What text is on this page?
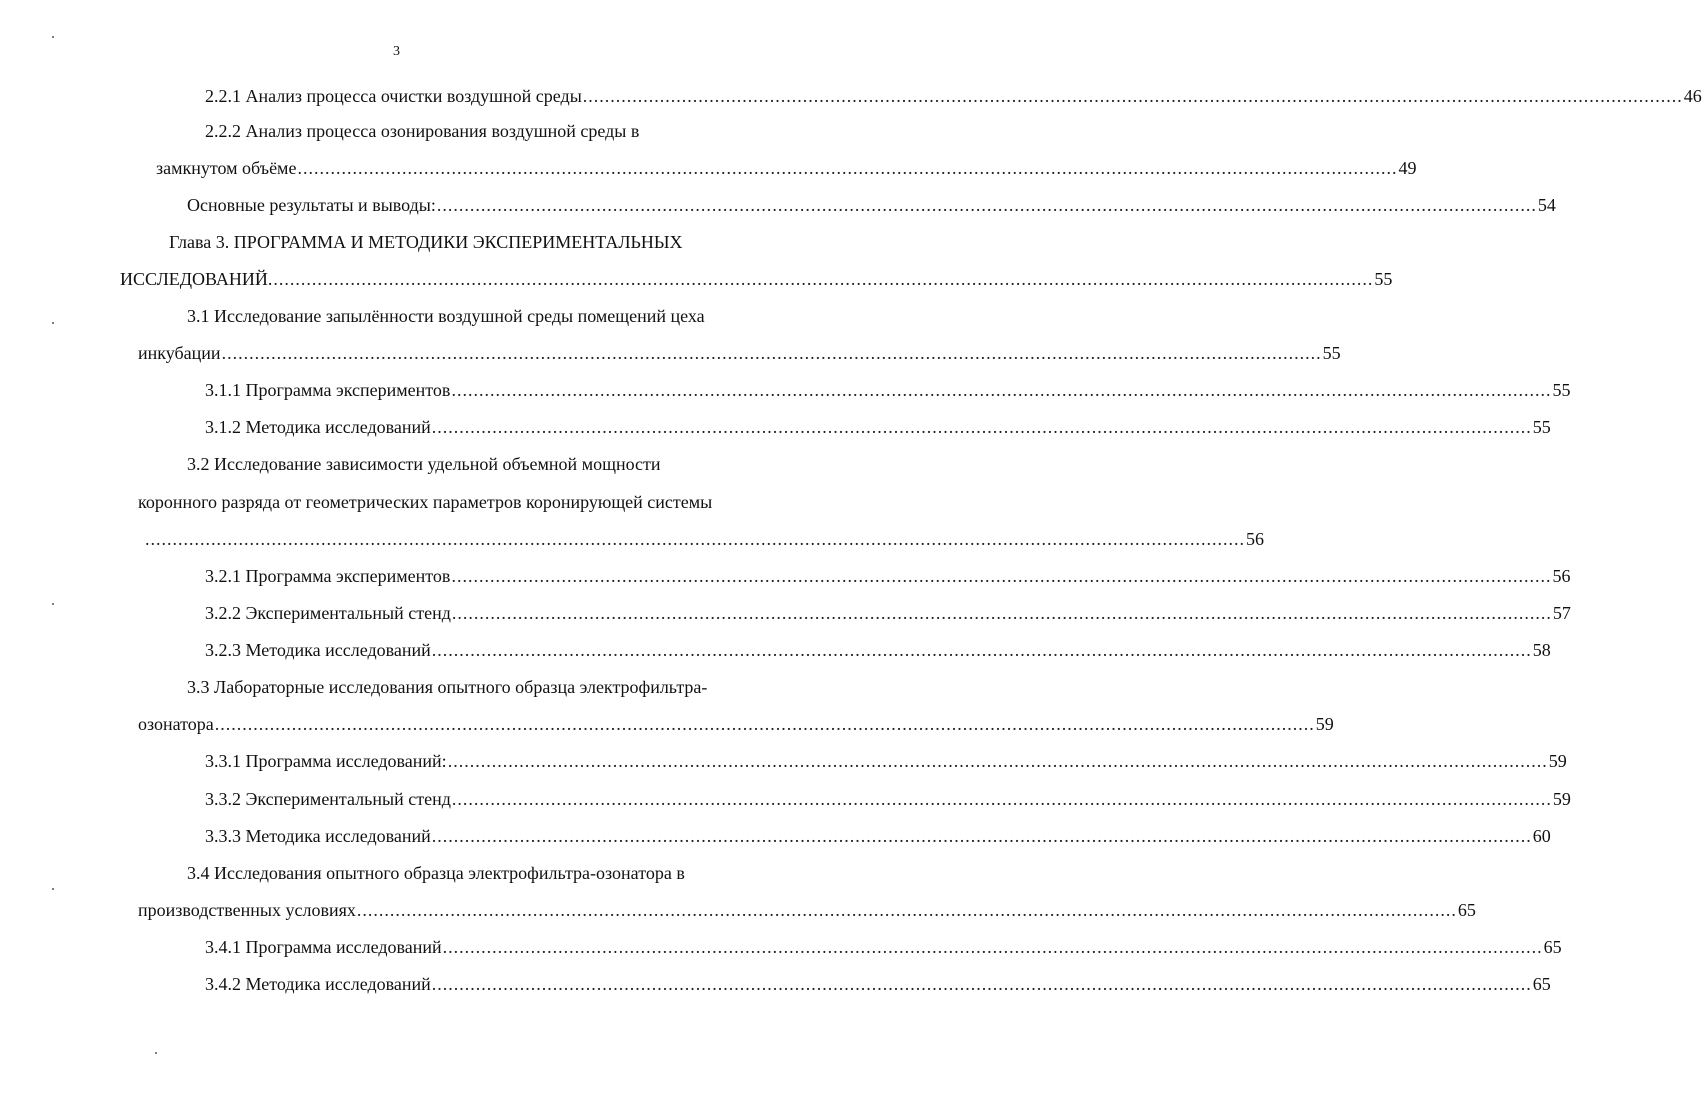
3
2.2.1 Анализ процесса очистки воздушной среды ........................................................................................................................................................................................................ 46
2.2.2 Анализ процесса озонирования воздушной среды в
замкнутом объёме ........................................................................................................................................................................................................ 49
Основные результаты и выводы: ........................................................................................................................................................................................................ 54
Глава 3. ПРОГРАММА И МЕТОДИКИ ЭКСПЕРИМЕНТАЛЬНЫХ
ИССЛЕДОВАНИЙ. ........................................................................................................................................................................................................ 55
3.1 Исследование запылённости воздушной среды помещений цеха
инкубации ........................................................................................................................................................................................................ 55
3.1.1 Программа экспериментов ........................................................................................................................................................................................................ 55
3.1.2 Методика исследований ........................................................................................................................................................................................................ 55
3.2 Исследование зависимости удельной объемной мощности
коронного разряда от геометрических параметров коронирующей системы
........................................................................................................................................................................................................ 56
3.2.1 Программа экспериментов ........................................................................................................................................................................................................ 56
3.2.2 Экспериментальный стенд ........................................................................................................................................................................................................ 57
3.2.3 Методика исследований ........................................................................................................................................................................................................ 58
3.3 Лабораторные исследования опытного образца электрофильтра-
озонатора ........................................................................................................................................................................................................ 59
3.3.1 Программа исследований: ........................................................................................................................................................................................................ 59
3.3.2 Экспериментальный стенд ........................................................................................................................................................................................................ 59
3.3.3 Методика исследований ........................................................................................................................................................................................................ 60
3.4 Исследования опытного образца электрофильтра-озонатора в
производственных условиях ........................................................................................................................................................................................................ 65
3.4.1 Программа исследований ........................................................................................................................................................................................................ 65
3.4.2 Методика исследований ........................................................................................................................................................................................................ 65
